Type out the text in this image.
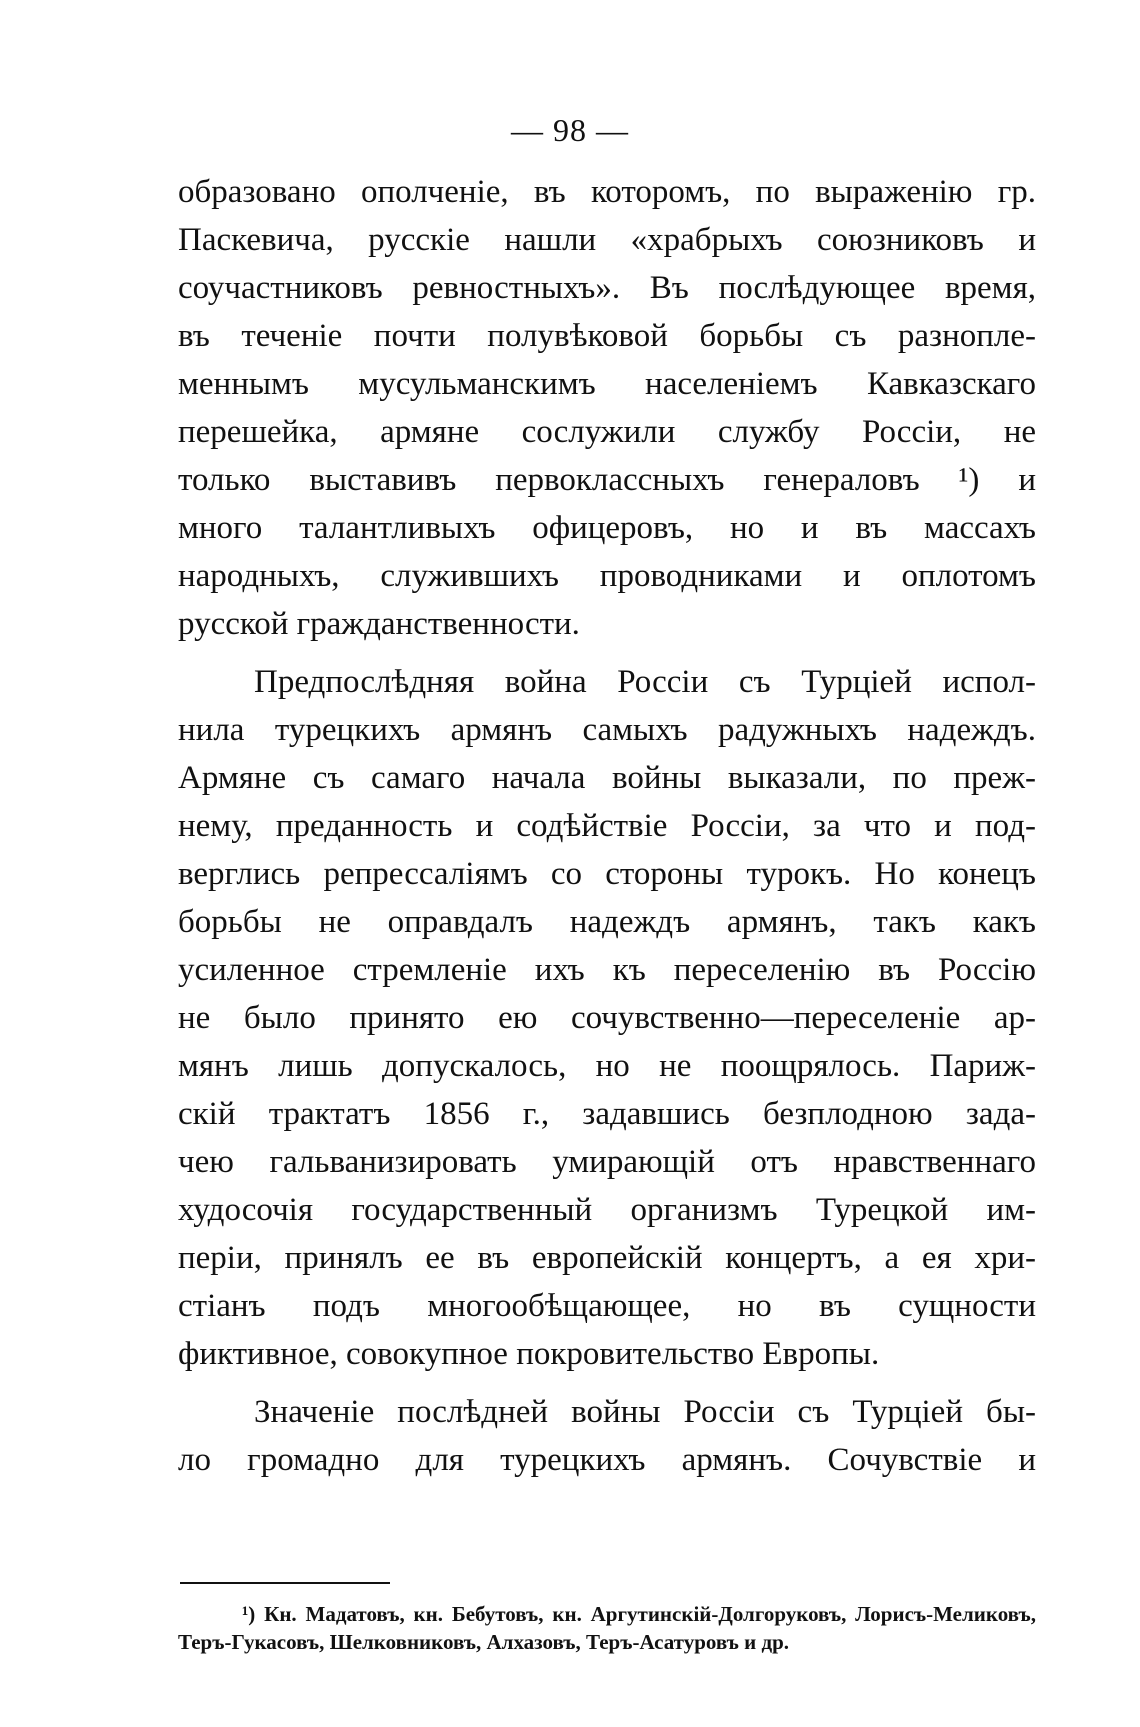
— 98 —
образовано ополченіе, въ которомъ, по выраженію гр.
Паскевича, русскіе нашли «храбрыхъ союзниковъ и
соучастниковъ ревностныхъ». Въ послѣдующее время,
въ теченіе почти полувѣковой борьбы съ разнопле-
меннымъ мусульманскимъ населеніемъ Кавказскаго
перешейка, армяне сослужили службу Россіи, не
только выставивъ первоклассныхъ генераловъ ¹) и
много талантливыхъ офицеровъ, но и въ массахъ
народныхъ, служившихъ проводниками и оплотомъ
русской гражданственности.
Предпослѣдняя война Россіи съ Турціей испол-
нила турецкихъ армянъ самыхъ радужныхъ надеждъ.
Армяне съ самаго начала войны выказали, по преж-
нему, преданность и содѣйствіе Россіи, за что и под-
верглись репрессаліямъ со стороны турокъ. Но конецъ
борьбы не оправдалъ надеждъ армянъ, такъ какъ
усиленное стремленіе ихъ къ переселенію въ Россію
не было принято ею сочувственно—переселеніе ар-
мянъ лишь допускалось, но не поощрялось. Париж-
скій трактатъ 1856 г., задавшись безплодною зада-
чею гальванизировать умирающій отъ нравственнаго
худосочія государственный организмъ Турецкой им-
періи, принялъ ее въ европейскій концертъ, а ея хри-
стіанъ подъ многообѣщающее, но въ сущности
фиктивное, совокупное покровительство Европы.
Значеніе послѣдней войны Россіи съ Турціей бы-
ло громадно для турецкихъ армянъ. Сочувствіе и
¹) Кн. Мадатовъ, кн. Бебутовъ, кн. Аргутинскій-Долгоруковъ, Лорисъ-Меликовъ,
Теръ-Гукасовъ, Шелковниковъ, Алхазовъ, Теръ-Асатуровъ и др.
